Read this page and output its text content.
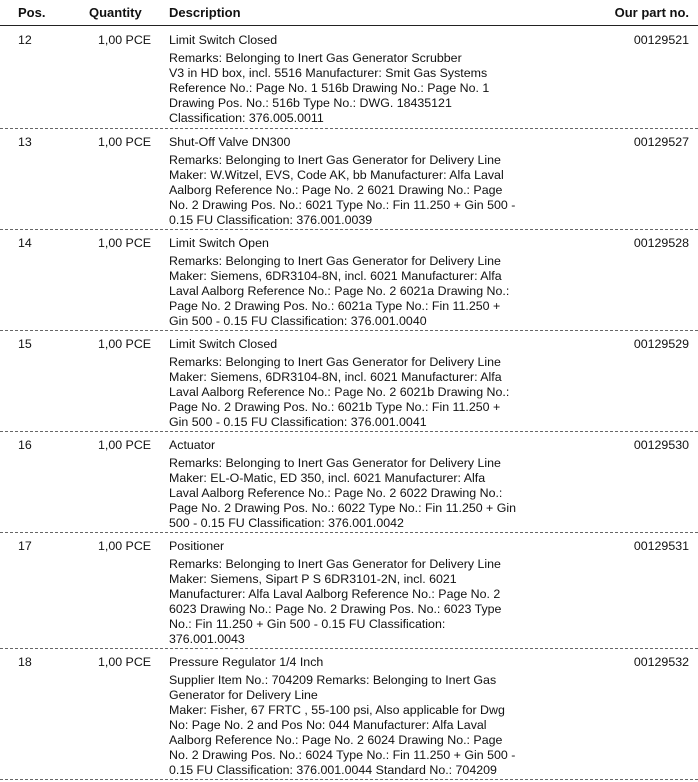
Pos.	Quantity Description	Our part no.
12	1,00 PCE Limit Switch Closed	00129521
Remarks: Belonging to Inert Gas Generator Scrubber
V3 in HD box, incl. 5516 Manufacturer: Smit Gas Systems
Reference No.: Page No. 1 516b Drawing No.: Page No. 1
Drawing Pos. No.: 516b Type No.: DWG. 18435121
Classification: 376.005.0011
13	1,00 PCE Shut-Off Valve DN300	00129527
Remarks: Belonging to Inert Gas Generator for Delivery Line
Maker: W.Witzel, EVS, Code AK, bb Manufacturer: Alfa Laval
Aalborg Reference No.: Page No. 2 6021 Drawing No.: Page
No. 2 Drawing Pos. No.: 6021 Type No.: Fin 11.250 + Gin 500 -
0.15 FU Classification: 376.001.0039
14	1,00 PCE Limit Switch Open	00129528
Remarks: Belonging to Inert Gas Generator for Delivery Line
Maker: Siemens, 6DR3104-8N, incl. 6021 Manufacturer: Alfa
Laval Aalborg Reference No.: Page No. 2 6021a Drawing No.:
Page No. 2 Drawing Pos. No.: 6021a Type No.: Fin 11.250 +
Gin 500 - 0.15 FU Classification: 376.001.0040
15	1,00 PCE Limit Switch Closed	00129529
Remarks: Belonging to Inert Gas Generator for Delivery Line
Maker: Siemens, 6DR3104-8N, incl. 6021 Manufacturer: Alfa
Laval Aalborg Reference No.: Page No. 2 6021b Drawing No.:
Page No. 2 Drawing Pos. No.: 6021b Type No.: Fin 11.250 +
Gin 500 - 0.15 FU Classification: 376.001.0041
16	1,00 PCE Actuator	00129530
Remarks: Belonging to Inert Gas Generator for Delivery Line
Maker: EL-O-Matic, ED 350, incl. 6021 Manufacturer: Alfa
Laval Aalborg Reference No.: Page No. 2 6022 Drawing No.:
Page No. 2 Drawing Pos. No.: 6022 Type No.: Fin 11.250 + Gin
500 - 0.15 FU Classification: 376.001.0042
17	1,00 PCE Positioner	00129531
Remarks: Belonging to Inert Gas Generator for Delivery Line
Maker: Siemens, Sipart P S 6DR3101-2N, incl. 6021
Manufacturer: Alfa Laval Aalborg Reference No.: Page No. 2
6023 Drawing No.: Page No. 2 Drawing Pos. No.: 6023 Type
No.: Fin 11.250 + Gin 500 - 0.15 FU Classification:
376.001.0043
18	1,00 PCE Pressure Regulator 1/4 Inch	00129532
Supplier Item No.: 704209 Remarks: Belonging to Inert Gas
Generator for Delivery Line
Maker: Fisher, 67 FRTC , 55-100 psi, Also applicable for Dwg
No: Page No. 2 and Pos No: 044 Manufacturer: Alfa Laval
Aalborg Reference No.: Page No. 2 6024 Drawing No.: Page
No. 2 Drawing Pos. No.: 6024 Type No.: Fin 11.250 + Gin 500 -
0.15 FU Classification: 376.001.0044 Standard No.: 704209
